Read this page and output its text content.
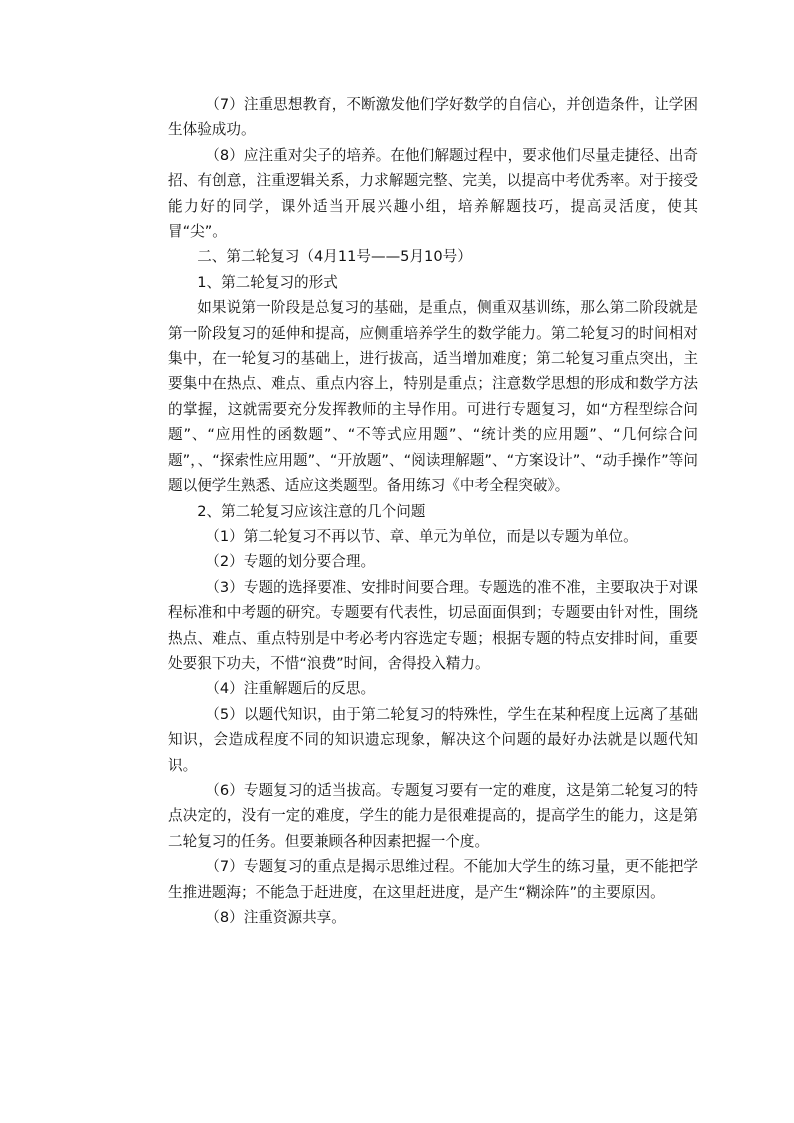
（7）注重思想教育，不断激发他们学好数学的自信心，并创造条件，让学困生体验成功。

（8）应注重对尖子的培养。在他们解题过程中，要求他们尽量走捷径、出奇招、有创意，注重逻辑关系，力求解题完整、完美，以提高中考优秀率。对于接受能力好的同学，课外适当开展兴趣小组，培养解题技巧，提高灵活度，使其冒“尖”。

二、第二轮复习（4月11号——5月10号）

1、第二轮复习的形式

如果说第一阶段是总复习的基础，是重点，侧重双基训练，那么第二阶段就是第一阶段复习的延伸和提高，应侧重培养学生的数学能力。第二轮复习的时间相对集中，在一轮复习的基础上，进行拔高，适当增加难度；第二轮复习重点突出，主要集中在热点、难点、重点内容上，特别是重点；注意数学思想的形成和数学方法的掌握，这就需要充分发挥教师的主导作用。可进行专题复习，如“方程型综合问题”、“应用性的函数题”、“不等式应用题”、“统计类的应用题”、“几何综合问题”，、“探索性应用题”、“开放题”、“阅读理解题”、“方案设计”、“动手操作”等问题以便学生熟悉、适应这类题型。备用练习《中考全程突破》。

2、第二轮复习应该注意的几个问题

（1）第二轮复习不再以节、章、单元为单位，而是以专题为单位。

（2）专题的划分要合理。

（3）专题的选择要准、安排时间要合理。专题选的准不准，主要取决于对课程标准和中考题的研究。专题要有代表性，切忌面面俱到；专题要由针对性，围绕热点、难点、重点特别是中考必考内容选定专题；根据专题的特点安排时间，重要处要狠下功夫，不惜“浪费”时间，舍得投入精力。

（4）注重解题后的反思。

（5）以题代知识，由于第二轮复习的特殊性，学生在某种程度上远离了基础知识，会造成程度不同的知识遗忘现象，解决这个问题的最好办法就是以题代知识。

（6）专题复习的适当拔高。专题复习要有一定的难度，这是第二轮复习的特点决定的，没有一定的难度，学生的能力是很难提高的，提高学生的能力，这是第二轮复习的任务。但要兼顾各种因素把握一个度。

（7）专题复习的重点是揭示思维过程。不能加大学生的练习量，更不能把学生推进题海；不能急于赶进度，在这里赶进度，是产生“糊涂阵”的主要原因。

（8）注重资源共享。
